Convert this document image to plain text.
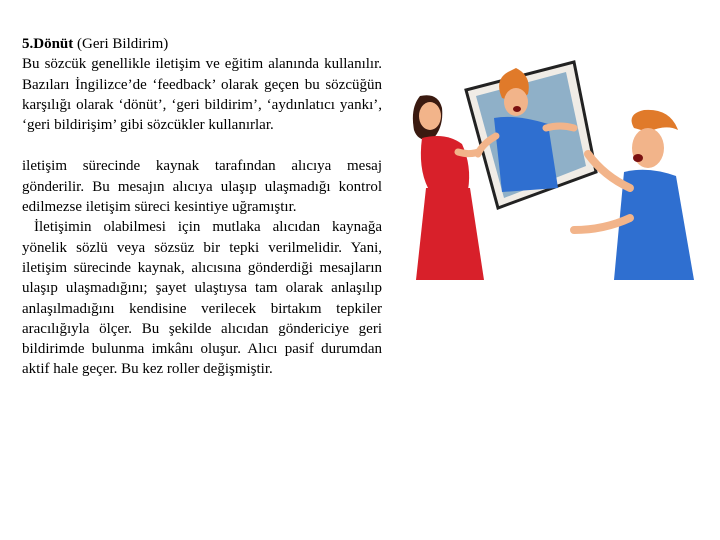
5.Dönüt (Geri Bildirim)

Bu sözcük genellikle iletişim ve eğitim alanında kullanılır. Bazıları İngilizce’de ‘feedback’ olarak geçen bu sözcüğün karşılığı olarak ‘dönüt’, ‘geri bildirim’, ‘aydınlatıcı yankı’, ‘geri bildirişim’ gibi sözcükler kullanırlar.

iletişim sürecinde kaynak tarafından alıcıya mesaj gönderilir. Bu mesajın alıcıya ulaşıp ulaşmadığı kontrol edilmezse iletişim süreci kesintiye uğramıştır.

İletişimin olabilmesi için mutlaka alıcıdan kaynağa yönelik sözlü veya sözsüz bir tepki verilmelidir. Yani, iletişim sürecinde kaynak, alıcısına gönderdiği mesajların ulaşıp ulaşmadığını; şayet ulaştıysa tam olarak anlaşılıp anlaşılmadığını kendisine verilecek birtakım tepkiler aracılığıyla ölçer. Bu şekilde alıcıdan göndericiye geri bildirimde bulunma imkânı oluşur. Alıcı pasif durumdan aktif hale geçer. Bu kez roller değişmiştir.
